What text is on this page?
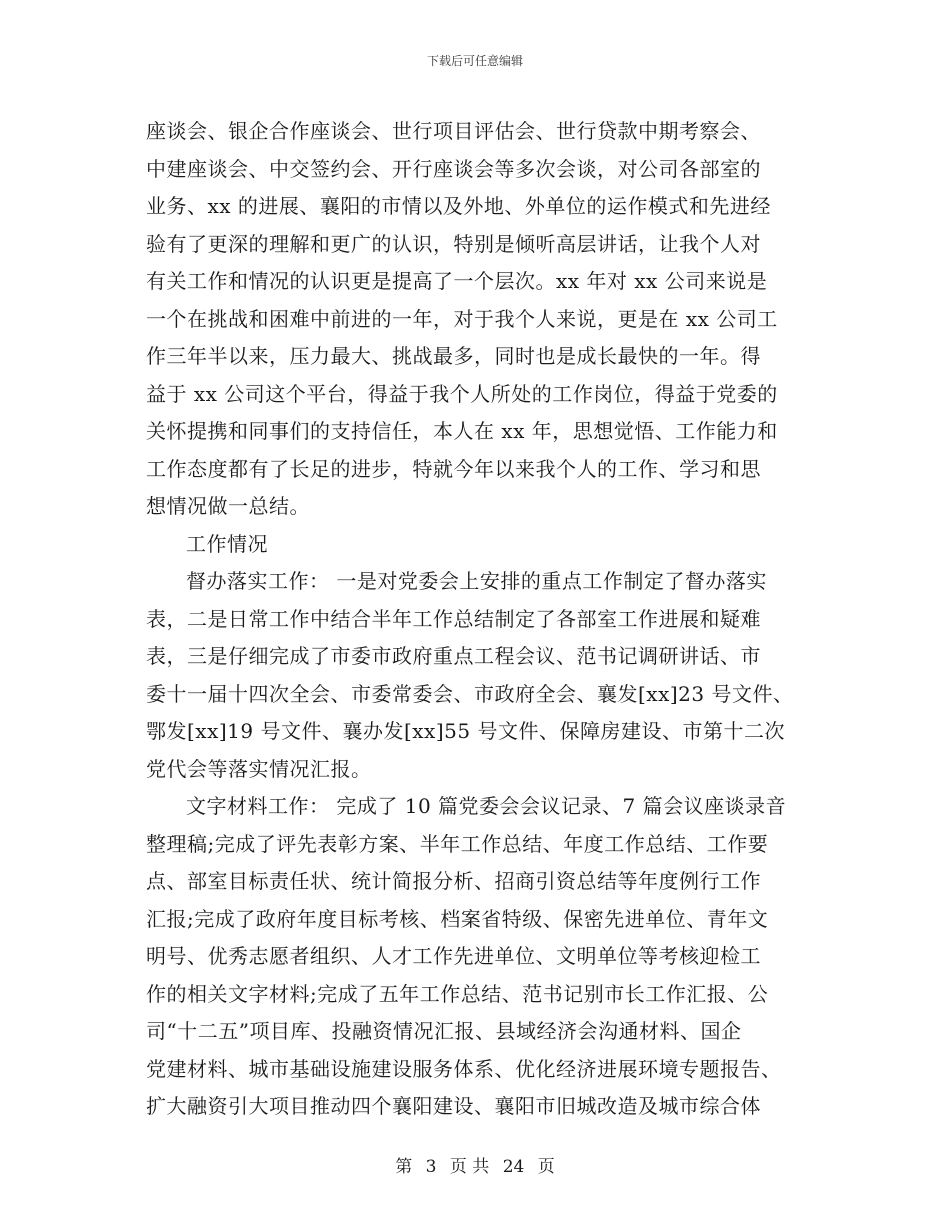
下载后可任意编辑
座谈会、银企合作座谈会、世行项目评估会、世行贷款中期考察会、
中建座谈会、中交签约会、开行座谈会等多次会谈，对公司各部室的
业务、xx 的进展、襄阳的市情以及外地、外单位的运作模式和先进经
验有了更深的理解和更广的认识，特别是倾听高层讲话，让我个人对
有关工作和情况的认识更是提高了一个层次。xx 年对 xx 公司来说是
一个在挑战和困难中前进的一年，对于我个人来说，更是在 xx 公司工
作三年半以来，压力最大、挑战最多，同时也是成长最快的一年。得
益于 xx 公司这个平台，得益于我个人所处的工作岗位，得益于党委的
关怀提携和同事们的支持信任，本人在 xx 年，思想觉悟、工作能力和
工作态度都有了长足的进步，特就今年以来我个人的工作、学习和思
想情况做一总结。
工作情况
督办落实工作： 一是对党委会上安排的重点工作制定了督办落实
表，二是日常工作中结合半年工作总结制定了各部室工作进展和疑难
表，三是仔细完成了市委市政府重点工程会议、范书记调研讲话、市
委十一届十四次全会、市委常委会、市政府全会、襄发[xx]23 号文件、
鄂发[xx]19 号文件、襄办发[xx]55 号文件、保障房建设、市第十二次
党代会等落实情况汇报。
文字材料工作： 完成了 10 篇党委会会议记录、7 篇会议座谈录音
整理稿;完成了评先表彰方案、半年工作总结、年度工作总结、工作要
点、部室目标责任状、统计简报分析、招商引资总结等年度例行工作
汇报;完成了政府年度目标考核、档案省特级、保密先进单位、青年文
明号、优秀志愿者组织、人才工作先进单位、文明单位等考核迎检工
作的相关文字材料;完成了五年工作总结、范书记别市长工作汇报、公
司“十二五”项目库、投融资情况汇报、县域经济会沟通材料、国企
党建材料、城市基础设施建设服务体系、优化经济进展环境专题报告、
扩大融资引大项目推动四个襄阳建设、襄阳市旧城改造及城市综合体
第 3 页 共 24 页
